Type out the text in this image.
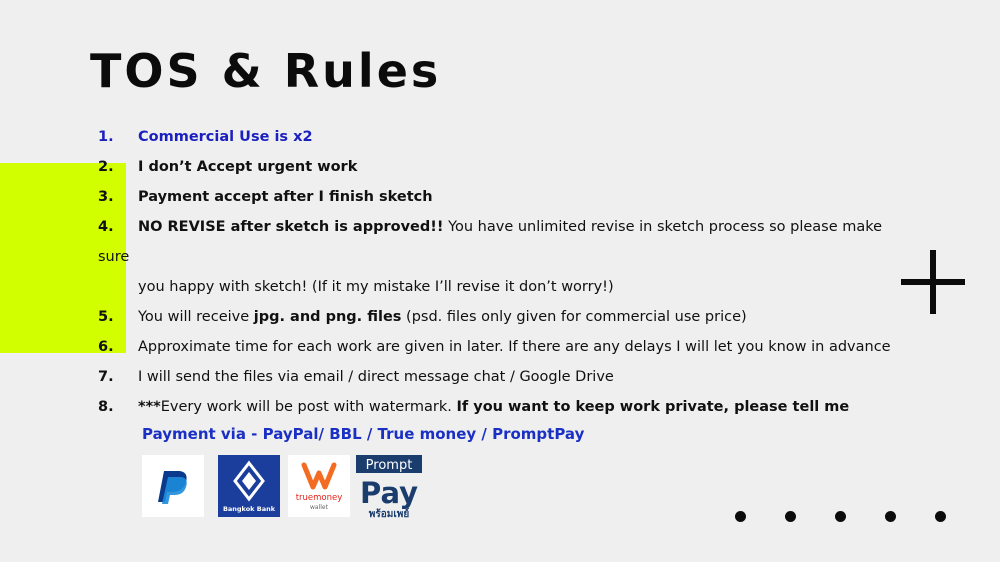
TOS & Rules
1.	Commercial Use is x2
2.	I don’t Accept urgent work
3.	Payment accept after I finish sketch
4.	NO REVISE after sketch is approved!! You have unlimited revise in sketch process so please make sure
you happy with sketch! (If it my mistake I’ll revise it don’t worry!)
5.	You will receive jpg. and png. files (psd. files only given for commercial use price)
6.	Approximate time for each work are given in later. If there are any delays I will let you know in advance
7.	I will send the files via email / direct message chat / Google Drive
8.	***Every work will be post with watermark. If you want to keep work private, please tell me

Payment via - PayPal/ BBL / True money / PromptPay

Bangkok Bank
truemoney
wallet
Prompt
Pay
พร้อมเพย์
